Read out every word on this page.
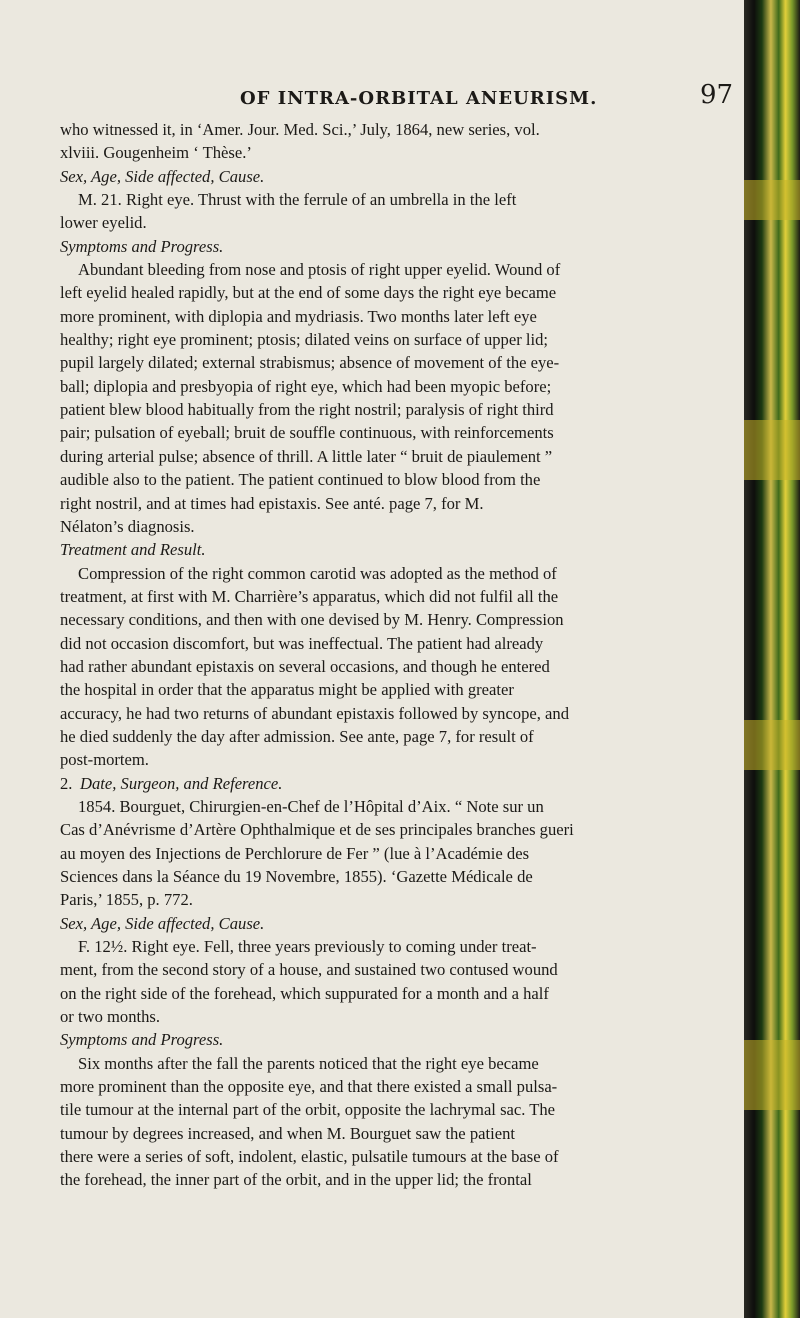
OF INTRA-ORBITAL ANEURISM.	97

who witnessed it, in ‘Amer. Jour. Med. Sci.,’ July, 1864, new series, vol.

xlviii. Gougenheim ‘ Thèse.’

Sex, Age, Side affected, Cause.

M. 21. Right eye. Thrust with the ferrule of an umbrella in the left

lower eyelid.

Symptoms and Progress.

Abundant bleeding from nose and ptosis of right upper eyelid. Wound of

left eyelid healed rapidly, but at the end of some days the right eye became

more prominent, with diplopia and mydriasis. Two months later left eye

healthy; right eye prominent; ptosis; dilated veins on surface of upper lid;

pupil largely dilated; external strabismus; absence of movement of the eye-

ball; diplopia and presbyopia of right eye, which had been myopic before;

patient blew blood habitually from the right nostril; paralysis of right third

pair; pulsation of eyeball; bruit de souffle continuous, with reinforcements

during arterial pulse; absence of thrill. A little later “ bruit de piaulement ”

audible also to the patient. The patient continued to blow blood from the

right nostril, and at times had epistaxis. See anté. page 7, for M.

Nélaton’s diagnosis.

Treatment and Result.

Compression of the right common carotid was adopted as the method of

treatment, at first with M. Charrière’s apparatus, which did not fulfil all the

necessary conditions, and then with one devised by M. Henry. Compression

did not occasion discomfort, but was ineffectual. The patient had already

had rather abundant epistaxis on several occasions, and though he entered

the hospital in order that the apparatus might be applied with greater

accuracy, he had two returns of abundant epistaxis followed by syncope, and

he died suddenly the day after admission. See ante, page 7, for result of

post-mortem.

2. Date, Surgeon, and Reference.

1854. Bourguet, Chirurgien-en-Chef de l’Hôpital d’Aix. “ Note sur un

Cas d’Anévrisme d’Artère Ophthalmique et de ses principales branches gueri

au moyen des Injections de Perchlorure de Fer ” (lue à l’Académie des

Sciences dans la Séance du 19 Novembre, 1855). ‘Gazette Médicale de

Paris,’ 1855, p. 772.

Sex, Age, Side affected, Cause.

F. 12½. Right eye. Fell, three years previously to coming under treat-

ment, from the second story of a house, and sustained two contused wound

on the right side of the forehead, which suppurated for a month and a half

or two months.

Symptoms and Progress.

Six months after the fall the parents noticed that the right eye became

more prominent than the opposite eye, and that there existed a small pulsa-

tile tumour at the internal part of the orbit, opposite the lachrymal sac. The

tumour by degrees increased, and when M. Bourguet saw the patient

there were a series of soft, indolent, elastic, pulsatile tumours at the base of

the forehead, the inner part of the orbit, and in the upper lid; the frontal
